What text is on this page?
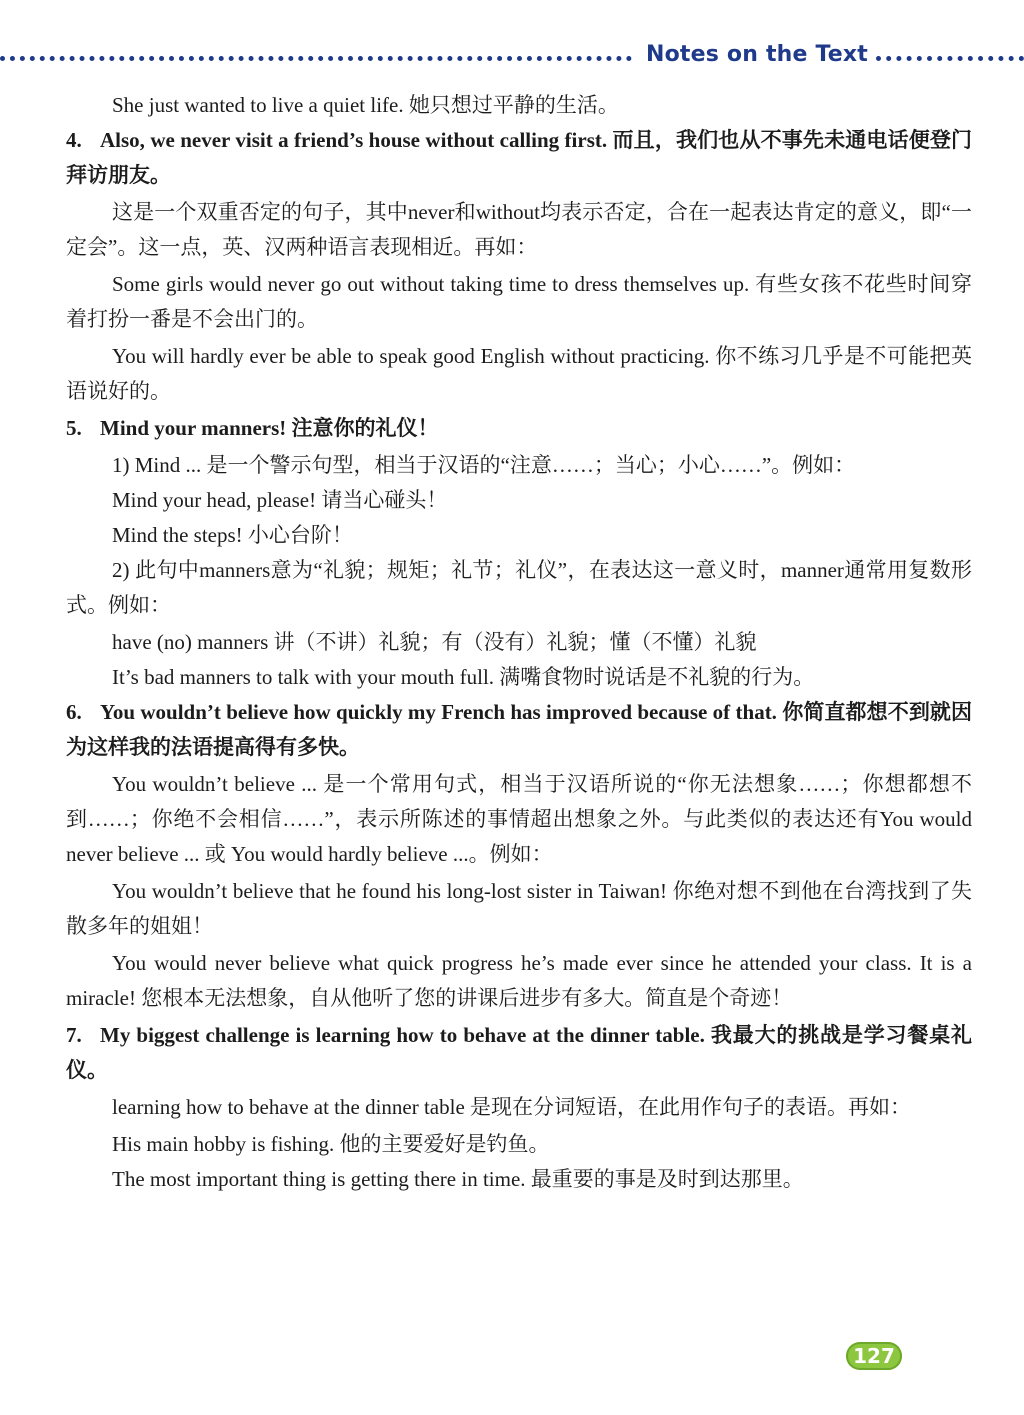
Notes on the Text

She just wanted to live a quiet life. 她只想过平静的生活。

4. Also, we never visit a friend’s house without calling first. 而且，我们也从不事先未通电话便登门拜访朋友。

这是一个双重否定的句子，其中never和without均表示否定，合在一起表达肯定的意义，即“一定会”。这一点，英、汉两种语言表现相近。再如：

Some girls would never go out without taking time to dress themselves up. 有些女孩不花些时间穿着打扮一番是不会出门的。

You will hardly ever be able to speak good English without practicing. 你不练习几乎是不可能把英语说好的。

5. Mind your manners! 注意你的礼仪！

1) Mind ... 是一个警示句型，相当于汉语的“注意……；当心；小心……”。例如：

Mind your head, please! 请当心碰头！

Mind the steps! 小心台阶！

2) 此句中manners意为“礼貌；规矩；礼节；礼仪”，在表达这一意义时，manner通常用复数形式。例如：

have (no) manners 讲（不讲）礼貌；有（没有）礼貌；懂（不懂）礼貌

It’s bad manners to talk with your mouth full. 满嘴食物时说话是不礼貌的行为。

6. You wouldn’t believe how quickly my French has improved because of that. 你简直都想不到就因为这样我的法语提高得有多快。

You wouldn’t believe ... 是一个常用句式，相当于汉语所说的“你无法想象……；你想都想不到……；你绝不会相信……”，表示所陈述的事情超出想象之外。与此类似的表达还有You would never believe ... 或 You would hardly believe ...。例如：

You wouldn’t believe that he found his long-lost sister in Taiwan! 你绝对想不到他在台湾找到了失散多年的姐姐！

You would never believe what quick progress he’s made ever since he attended your class. It is a miracle! 您根本无法想象，自从他听了您的讲课后进步有多大。简直是个奇迹！

7. My biggest challenge is learning how to behave at the dinner table. 我最大的挑战是学习餐桌礼仪。

learning how to behave at the dinner table 是现在分词短语，在此用作句子的表语。再如：

His main hobby is fishing. 他的主要爱好是钓鱼。

The most important thing is getting there in time. 最重要的事是及时到达那里。

127
